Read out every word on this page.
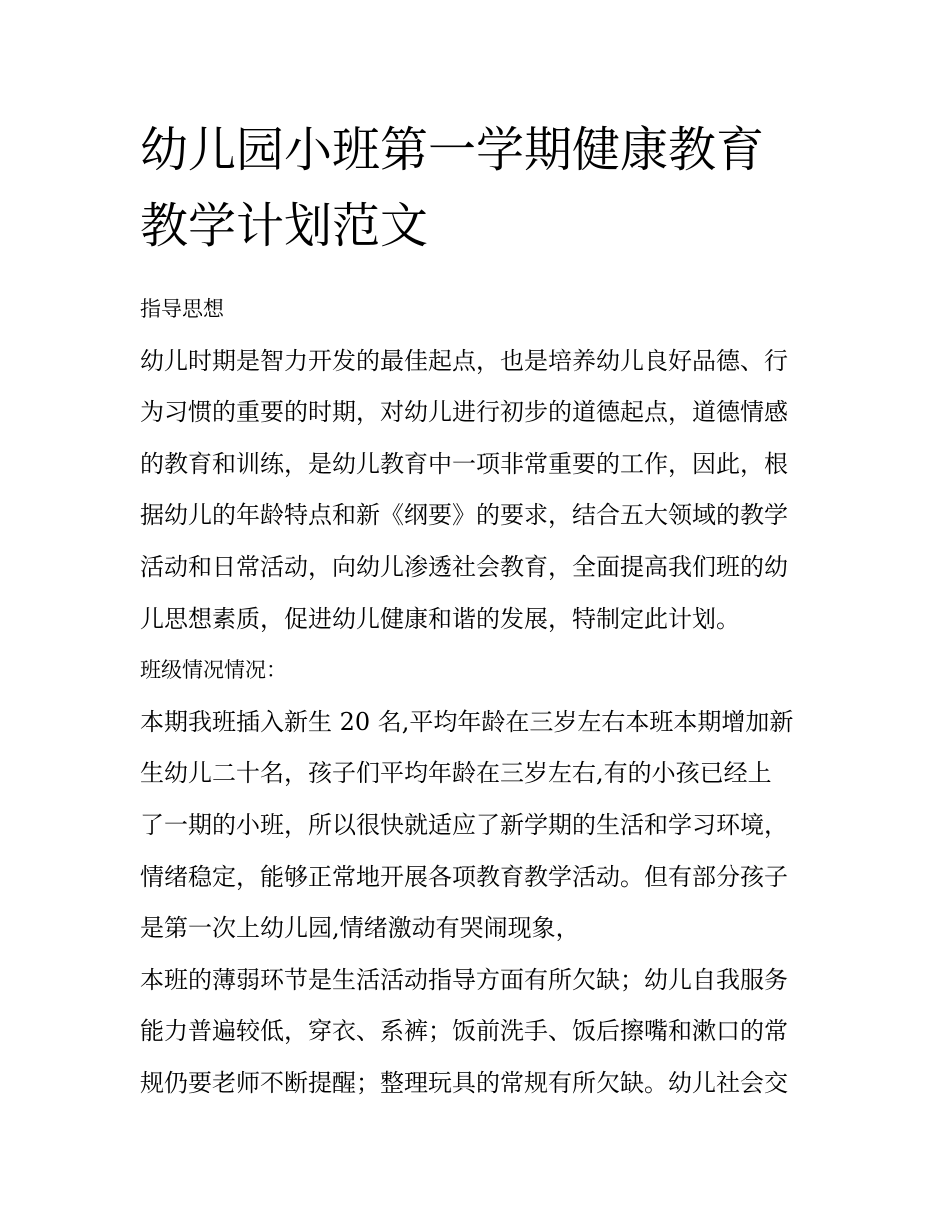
幼儿园小班第一学期健康教育
教学计划范文

指导思想

幼儿时期是智力开发的最佳起点，也是培养幼儿良好品德、行

为习惯的重要的时期，对幼儿进行初步的道德起点，道德情感

的教育和训练，是幼儿教育中一项非常重要的工作，因此，根

据幼儿的年龄特点和新《纲要》的要求，结合五大领域的教学

活动和日常活动，向幼儿渗透社会教育，全面提高我们班的幼

儿思想素质，促进幼儿健康和谐的发展，特制定此计划。

班级情况情况：

本期我班插入新生 20 名,平均年龄在三岁左右本班本期增加新

生幼儿二十名，孩子们平均年龄在三岁左右,有的小孩已经上

了一期的小班，所以很快就适应了新学期的生活和学习环境，

情绪稳定，能够正常地开展各项教育教学活动。但有部分孩子

是第一次上幼儿园,情绪激动有哭闹现象，

本班的薄弱环节是生活活动指导方面有所欠缺；幼儿自我服务

能力普遍较低，穿衣、系裤；饭前洗手、饭后擦嘴和漱口的常

规仍要老师不断提醒；整理玩具的常规有所欠缺。幼儿社会交
